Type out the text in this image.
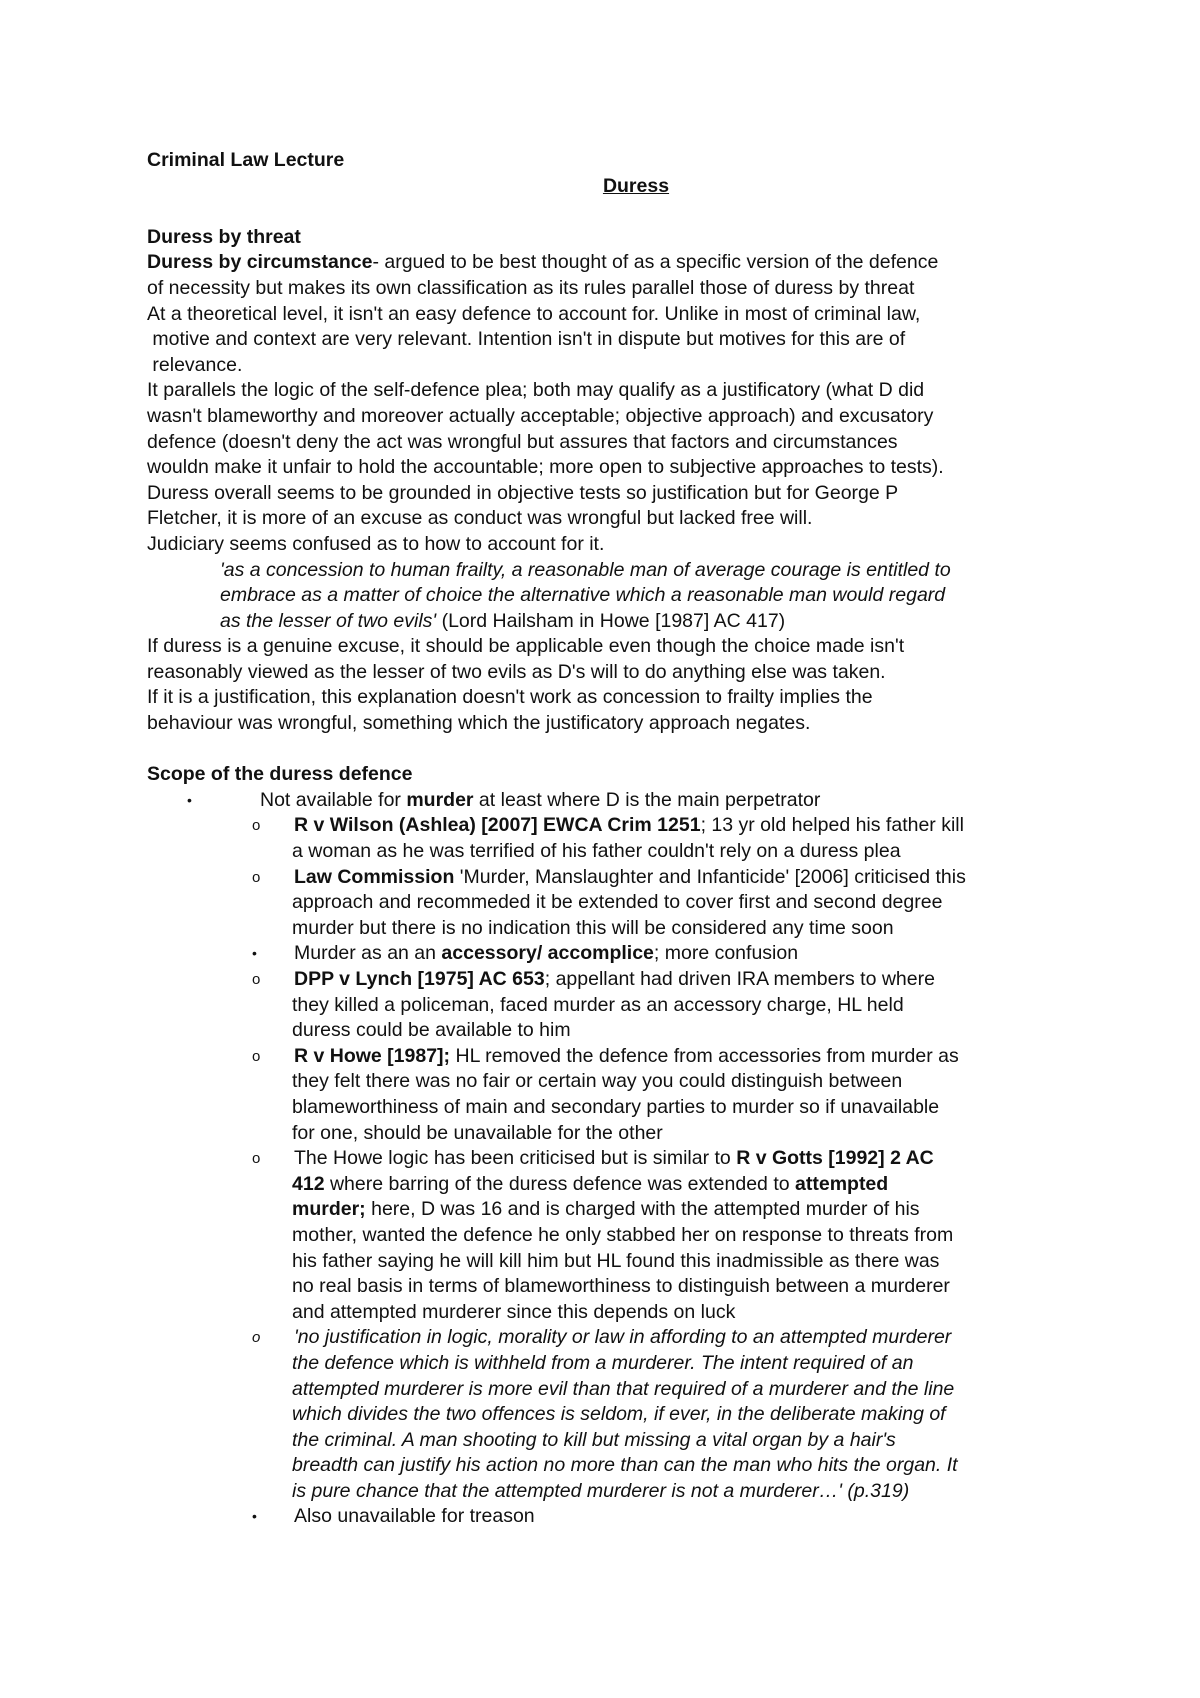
Criminal Law Lecture
Duress
Duress by threat
Duress by circumstance- argued to be best thought of as a specific version of the defence
of necessity but makes its own classification as its rules parallel those of duress by threat
At a theoretical level, it isn't an easy defence to account for. Unlike in most of criminal law,
motive and context are very relevant. Intention isn't in dispute but motives for this are of
relevance.
It parallels the logic of the self-defence plea; both may qualify as a justificatory (what D did
wasn't blameworthy and moreover actually acceptable; objective approach) and excusatory
defence (doesn't deny the act was wrongful but assures that factors and circumstances
wouldn make it unfair to hold the accountable; more open to subjective approaches to tests).
Duress overall seems to be grounded in objective tests so justification but for George P
Fletcher, it is more of an excuse as conduct was wrongful but lacked free will.
Judiciary seems confused as to how to account for it.
'as a concession to human frailty, a reasonable man of average courage is entitled to
embrace as a matter of choice the alternative which a reasonable man would regard
as the lesser of two evils' (Lord Hailsham in Howe [1987] AC 417)
If duress is a genuine excuse, it should be applicable even though the choice made isn't
reasonably viewed as the lesser of two evils as D's will to do anything else was taken.
If it is a justification, this explanation doesn't work as concession to frailty implies the
behaviour was wrongful, something which the justificatory approach negates.
Scope of the duress defence
•	Not available for murder at least where D is the main perpetrator
o	R v Wilson (Ashlea) [2007] EWCA Crim 1251; 13 yr old helped his father kill
a woman as he was terrified of his father couldn't rely on a duress plea
o	Law Commission 'Murder, Manslaughter and Infanticide' [2006] criticised this
approach and recommeded it be extended to cover first and second degree
murder but there is no indication this will be considered any time soon
•	Murder as an an accessory/ accomplice; more confusion
o	DPP v Lynch [1975] AC 653; appellant had driven IRA members to where
they killed a policeman, faced murder as an accessory charge, HL held
duress could be available to him
o	R v Howe [1987]; HL removed the defence from accessories from murder as
they felt there was no fair or certain way you could distinguish between
blameworthiness of main and secondary parties to murder so if unavailable
for one, should be unavailable for the other
o	The Howe logic has been criticised but is similar to R v Gotts [1992] 2 AC
412 where barring of the duress defence was extended to attempted
murder; here, D was 16 and is charged with the attempted murder of his
mother, wanted the defence he only stabbed her on response to threats from
his father saying he will kill him but HL found this inadmissible as there was
no real basis in terms of blameworthiness to distinguish between a murderer
and attempted murderer since this depends on luck
o	'no justification in logic, morality or law in affording to an attempted murderer
the defence which is withheld from a murderer. The intent required of an
attempted murderer is more evil than that required of a murderer and the line
which divides the two offences is seldom, if ever, in the deliberate making of
the criminal. A man shooting to kill but missing a vital organ by a hair's
breadth can justify his action no more than can the man who hits the organ. It
is pure chance that the attempted murderer is not a murderer…' (p.319)
•	Also unavailable for treason
